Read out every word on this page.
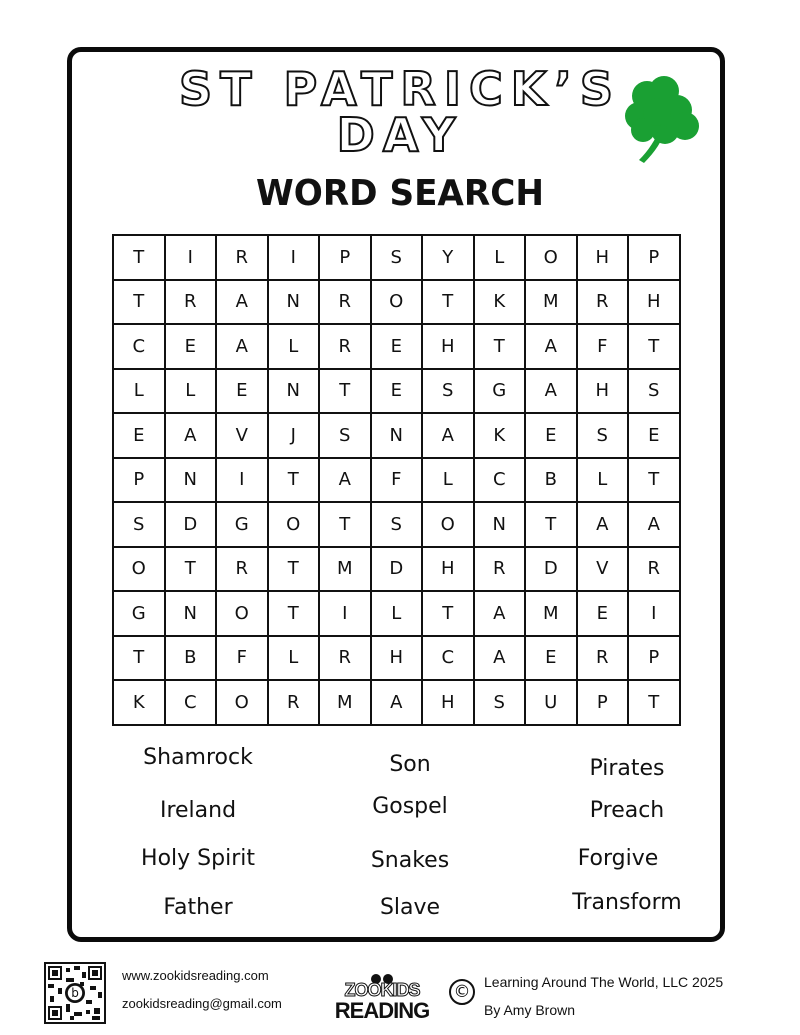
ST PATRICK’S
DAY
WORD SEARCH
T	I	R	I	P	S	Y	L	O	H	P
T	R	A	N	R	O	T	K	M	R	H
C	E	A	L	R	E	H	T	A	F	T
L	L	E	N	T	E	S	G	A	H	S
E	A	V	J	S	N	A	K	E	S	E
P	N	I	T	A	F	L	C	B	L	T
S	D	G	O	T	S	O	N	T	A	A
O	T	R	T	M	D	H	R	D	V	R
G	N	O	T	I	L	T	A	M	E	I
T	B	F	L	R	H	C	A	E	R	P
K	C	O	R	M	A	H	S	U	P	T
Shamrock	Son	Pirates
Ireland	Gospel	Preach
Holy Spirit	Snakes	Forgive
Father	Slave	Transform
b
www.zookidsreading.com
zookidsreading@gmail.com
ZOOKIDS
READING
© Learning Around The World, LLC 2025
By Amy Brown
